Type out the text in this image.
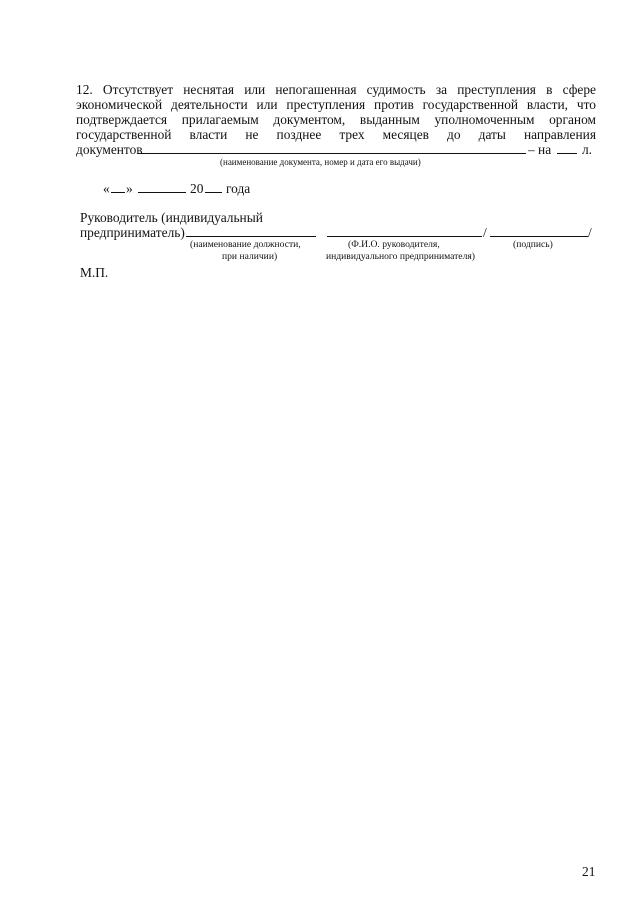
12. Отсутствует неснятая или непогашенная судимость за преступления в сфере
экономической деятельности или преступления против государственной власти, что
подтверждается прилагаемым документом, выданным уполномоченным органом
государственной власти не позднее трех месяцев до даты направления
документов	– на л.
(наименование документа, номер и дата его выдачи)
« »	20 года
Руководитель (индивидуальный
предприниматель)	/	/
(наименование должности,
при наличии)
(Ф.И.О. руководителя,
индивидуального предпринимателя)
(подпись)
М.П.
21
